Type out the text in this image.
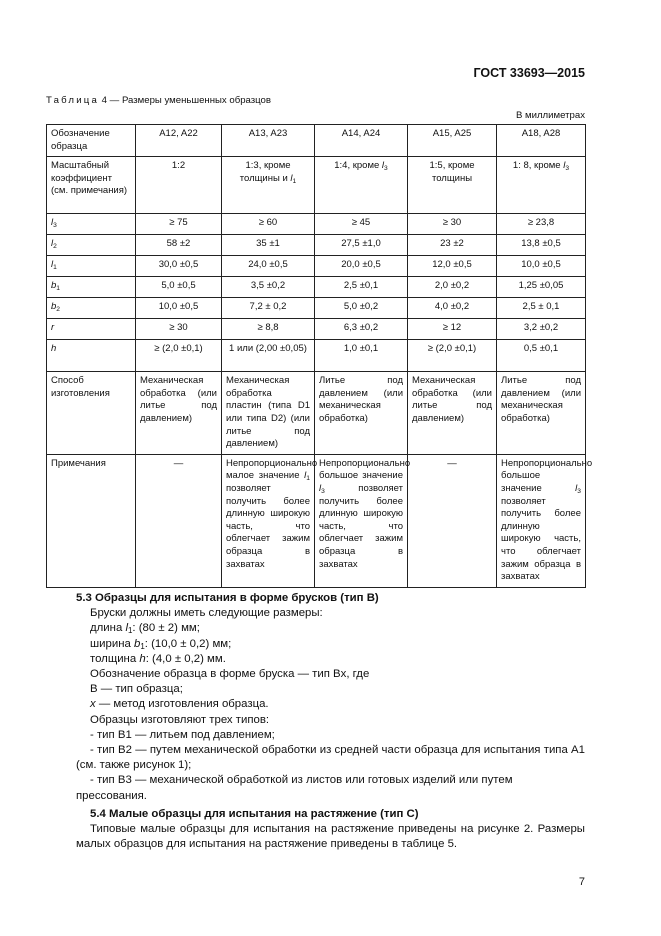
ГОСТ 33693—2015
Таблица 4 — Размеры уменьшенных образцов
В миллиметрах
Обозначение образца	A12, A22	A13, A23	A14, A24	A15, A25	A18, A28
Масштабный коэффициент (см. примечания)	1:2	1:3, кроме толщины и $l_1$	1:4, кроме $l_3$	1:5, кроме толщины	1: 8, кроме $l_3$
$l_3$	≥ 75	≥ 60	≥ 45	≥ 30	≥ 23,8
$l_2$	58 ±2	35 ±1	27,5 ±1,0	23 ±2	13,8 ±0,5
$l_1$	30,0 ±0,5	24,0 ±0,5	20,0 ±0,5	12,0 ±0,5	10,0 ±0,5
$b_1$	5,0 ±0,5	3,5 ±0,2	2,5 ±0,1	2,0 ±0,2	1,25 ±0,05
$b_2$	10,0 ±0,5	7,2 ± 0,2	5,0 ±0,2	4,0 ±0,2	2,5 ± 0,1
r	≥ 30	≥ 8,8	6,3 ±0,2	≥ 12	3,2 ±0,2
h	≥ (2,0 ±0,1)	1 или (2,00 ±0,05)	1,0 ±0,1	≥ (2,0 ±0,1)	0,5 ±0,1
Способ изготовления	Механическая обработка (или литье под давлением)	Механическая обработка пластин (типа D1 или типа D2) (или литье под давлением)	Литье под давлением (или механическая обработка)	Механическая обработка (или литье под давлением)	Литье под давлением (или механическая обработка)
Примечания	—	Непропорционально малое значение $l_1$ позволяет получить более длинную широкую часть, что облегчает зажим образца в захватах	Непропорционально большое значение $l_3$ позволяет получить более длинную широкую часть, что облегчает зажим образца в захватах	—	Непропорционально большое значение $l_3$ позволяет получить более длинную широкую часть, что облегчает зажим образца в захватах

5.3 Образцы для испытания в форме брусков (тип B)

Бруски должны иметь следующие размеры:

длина $l_1$: (80 ± 2) мм;

ширина $b_1$: (10,0 ± 0,2) мм;

толщина h: (4,0 ± 0,2) мм.

Обозначение образца в форме бруска — тип Bx, где

B — тип образца;

x — метод изготовления образца.

Образцы изготовляют трех типов:

- тип B1 — литьем под давлением;

- тип B2 — путем механической обработки из средней части образца для испытания типа A1 (см. также рисунок 1);

- тип B3 — механической обработкой из листов или готовых изделий или путем прессования.

5.4 Малые образцы для испытания на растяжение (тип C)

Типовые малые образцы для испытания на растяжение приведены на рисунке 2. Размеры малых образцов для испытания на растяжение приведены в таблице 5.

7
